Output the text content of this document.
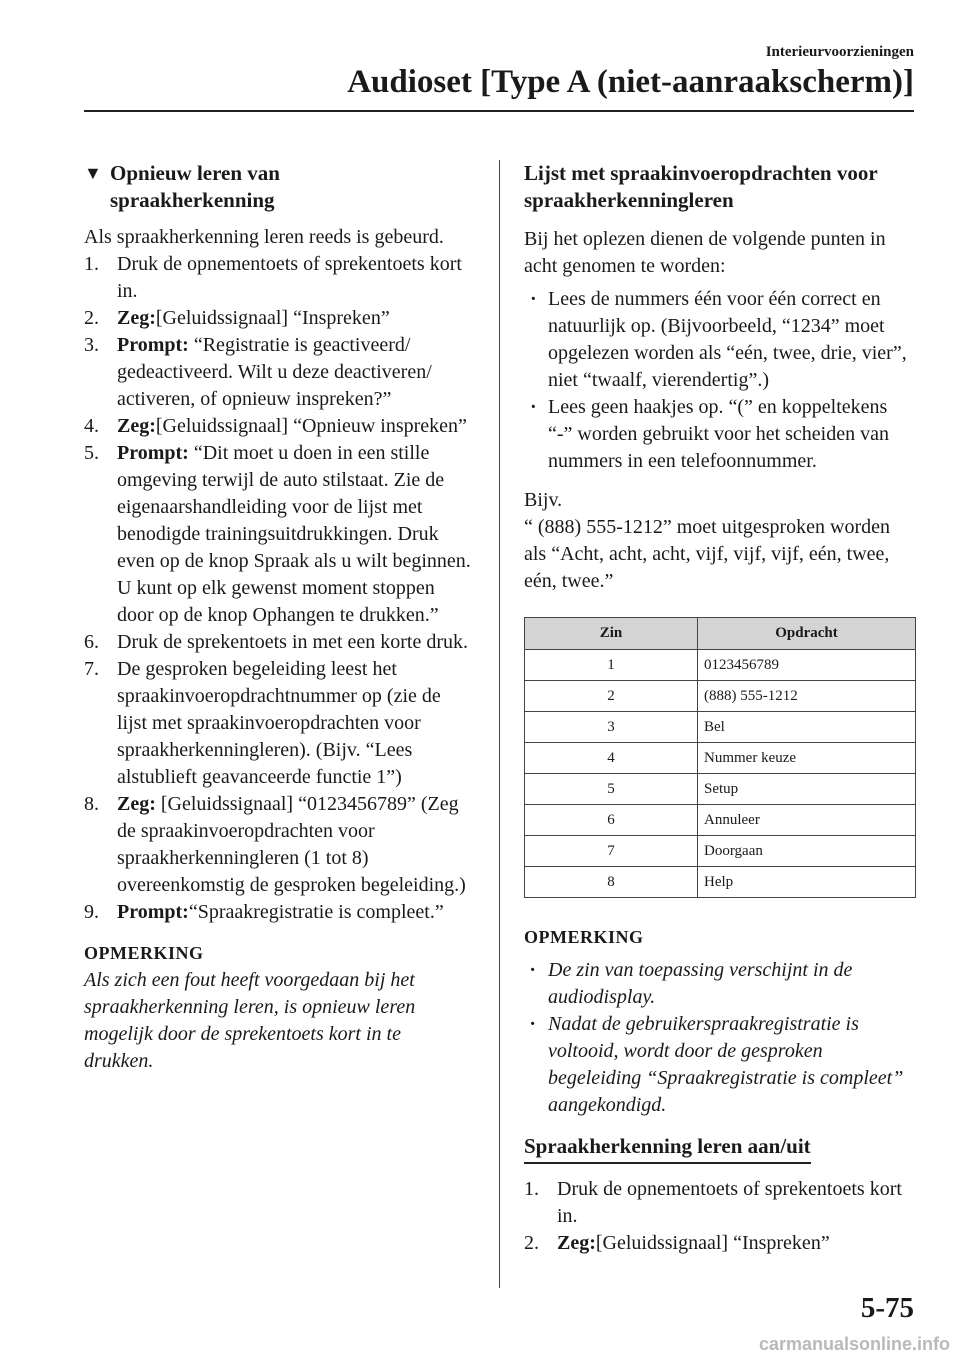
Interieurvoorzieningen
Audioset [Type A (niet-aanraakscherm)]
▼ Opnieuw leren van
spraakherkenning

Als spraakherkenning leren reeds is gebeurd.

1. Druk de opnementoets of sprekentoets kort in.
2. Zeg:[Geluidssignaal] “Inspreken”
3. Prompt: “Registratie is geactiveerd/ gedeactiveerd. Wilt u deze deactiveren/ activeren, of opnieuw inspreken?”
4. Zeg:[Geluidssignaal] “Opnieuw inspreken”
5. Prompt: “Dit moet u doen in een stille omgeving terwijl de auto stilstaat. Zie de eigenaarshandleiding voor de lijst met benodigde trainingsuitdrukkingen. Druk even op de knop Spraak als u wilt beginnen. U kunt op elk gewenst moment stoppen door op de knop Ophangen te drukken.”
6. Druk de sprekentoets in met een korte druk.
7. De gesproken begeleiding leest het spraakinvoeropdrachtnummer op (zie de lijst met spraakinvoeropdrachten voor spraakherkenningleren). (Bijv. “Lees alstublieft geavanceerde functie 1”)
8. Zeg: [Geluidssignaal] “0123456789” (Zeg de spraakinvoeropdrachten voor spraakherkenningleren (1 tot 8) overeenkomstig de gesproken begeleiding.)
9. Prompt:“Spraakregistratie is compleet.”
OPMERKING

Als zich een fout heeft voorgedaan bij het spraakherkenning leren, is opnieuw leren mogelijk door de sprekentoets kort in te drukken.

Lijst met spraakinvoeropdrachten voor
spraakherkenningleren

Bij het oplezen dienen de volgende punten in acht genomen te worden:

· Lees de nummers één voor één correct en natuurlijk op. (Bijvoorbeeld, “1234” moet opgelezen worden als “eén, twee, drie, vier”, niet “twaalf, vierendertig”.)
· Lees geen haakjes op. “(” en koppeltekens “-” worden gebruikt voor het scheiden van nummers in een telefoonnummer.

Bijv.

“ (888) 555-1212” moet uitgesproken worden als “Acht, acht, acht, vijf, vijf, vijf, eén, twee, eén, twee.”

Zin	Opdracht
1	0123456789
2	(888) 555-1212
3	Bel
4	Nummer keuze
5	Setup
6	Annuleer
7	Doorgaan
8	Help
OPMERKING
· De zin van toepassing verschijnt in de audiodisplay.
· Nadat de gebruikerspraakregistratie is voltooid, wordt door de gesproken begeleiding “Spraakregistratie is compleet” aangekondigd.
Spraakherkenning leren aan/uit
1. Druk de opnementoets of sprekentoets kort in.
2. Zeg:[Geluidssignaal] “Inspreken”
5-75
carmanualsonline.info
